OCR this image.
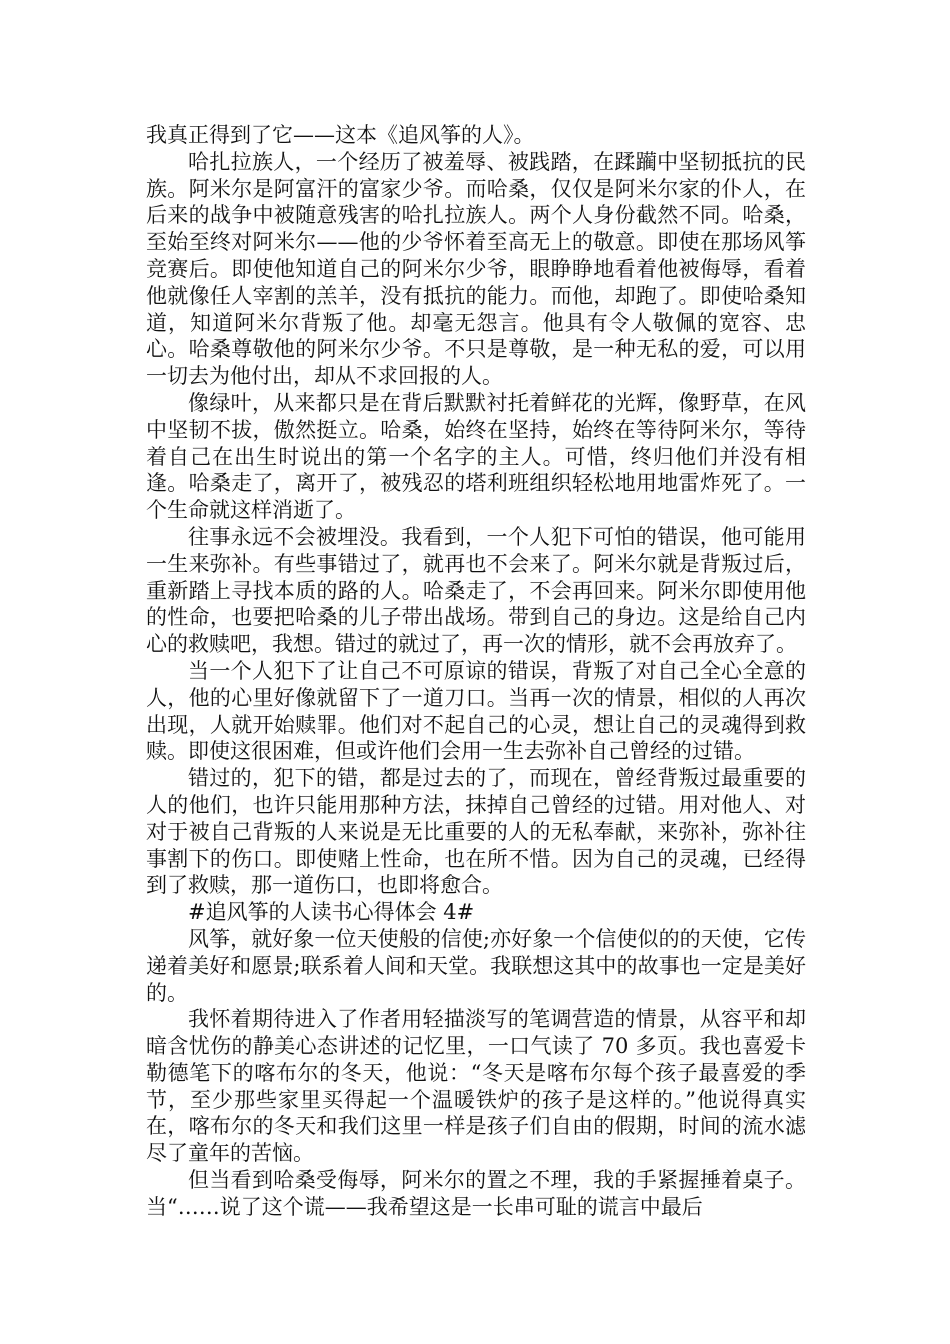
我真正得到了它——这本《追风筝的人》。

哈扎拉族人，一个经历了被羞辱、被践踏，在蹂躏中坚韧抵抗的民族。阿米尔是阿富汗的富家少爷。而哈桑，仅仅是阿米尔家的仆人，在后来的战争中被随意残害的哈扎拉族人。两个人身份截然不同。哈桑，至始至终对阿米尔——他的少爷怀着至高无上的敬意。即使在那场风筝竞赛后。即使他知道自己的阿米尔少爷，眼睁睁地看着他被侮辱，看着他就像任人宰割的羔羊，没有抵抗的能力。而他，却跑了。即使哈桑知道，知道阿米尔背叛了他。却毫无怨言。他具有令人敬佩的宽容、忠心。哈桑尊敬他的阿米尔少爷。不只是尊敬，是一种无私的爱，可以用一切去为他付出，却从不求回报的人。

像绿叶，从来都只是在背后默默衬托着鲜花的光辉，像野草，在风中坚韧不拔，傲然挺立。哈桑，始终在坚持，始终在等待阿米尔，等待着自己在出生时说出的第一个名字的主人。可惜，终归他们并没有相逢。哈桑走了，离开了，被残忍的塔利班组织轻松地用地雷炸死了。一个生命就这样消逝了。

往事永远不会被埋没。我看到，一个人犯下可怕的错误，他可能用一生来弥补。有些事错过了，就再也不会来了。阿米尔就是背叛过后，重新踏上寻找本质的路的人。哈桑走了，不会再回来。阿米尔即使用他的性命，也要把哈桑的儿子带出战场。带到自己的身边。这是给自己内心的救赎吧，我想。错过的就过了，再一次的情形，就不会再放弃了。

当一个人犯下了让自己不可原谅的错误，背叛了对自己全心全意的人，他的心里好像就留下了一道刀口。当再一次的情景，相似的人再次出现，人就开始赎罪。他们对不起自己的心灵，想让自己的灵魂得到救赎。即使这很困难，但或许他们会用一生去弥补自己曾经的过错。

错过的，犯下的错，都是过去的了，而现在，曾经背叛过最重要的人的他们，也许只能用那种方法，抹掉自己曾经的过错。用对他人、对对于被自己背叛的人来说是无比重要的人的无私奉献，来弥补，弥补往事割下的伤口。即使赌上性命，也在所不惜。因为自己的灵魂，已经得到了救赎，那一道伤口，也即将愈合。

#追风筝的人读书心得体会 4#

风筝，就好象一位天使般的信使;亦好象一个信使似的的天使，它传递着美好和愿景;联系着人间和天堂。我联想这其中的故事也一定是美好的。

我怀着期待进入了作者用轻描淡写的笔调营造的情景，从容平和却暗含忧伤的静美心态讲述的记忆里，一口气读了 70 多页。我也喜爱卡勒德笔下的喀布尔的冬天，他说：“冬天是喀布尔每个孩子最喜爱的季节，至少那些家里买得起一个温暖铁炉的孩子是这样的。”他说得真实在，喀布尔的冬天和我们这里一样是孩子们自由的假期，时间的流水滤尽了童年的苦恼。

但当看到哈桑受侮辱，阿米尔的置之不理，我的手紧握捶着桌子。当“……说了这个谎——我希望这是一长串可耻的谎言中最后
